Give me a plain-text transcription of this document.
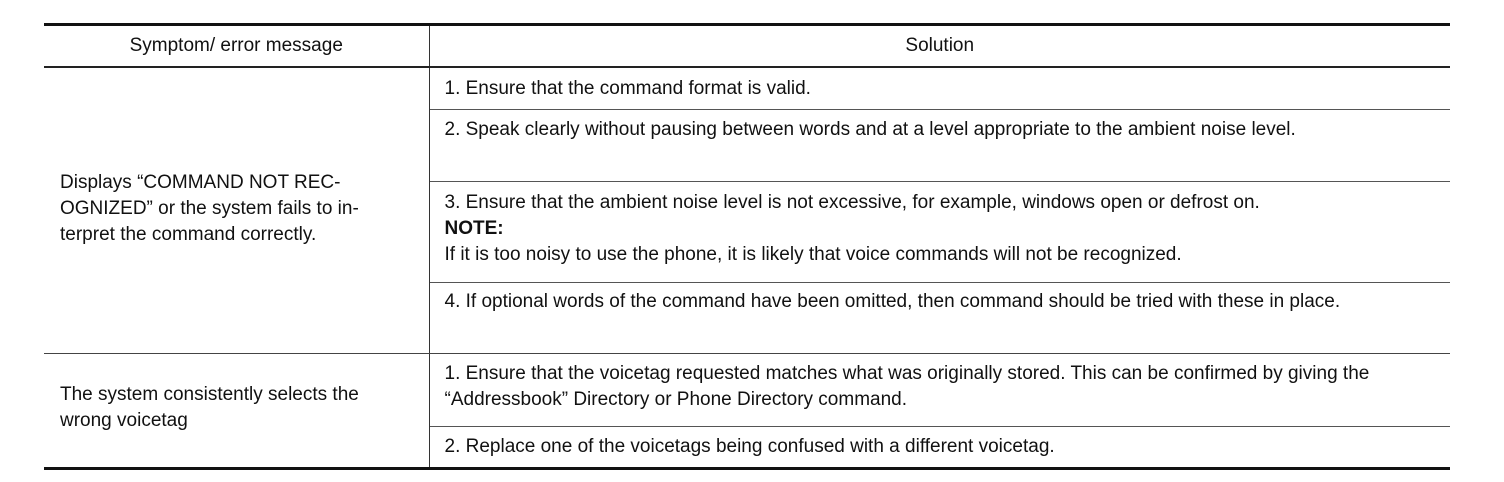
Symptom/ error message	Solution

Displays “COMMAND NOT REC-OGNIZED” or the system fails to in-terpret the command correctly.	1. Ensure that the command format is valid.
	2. Speak clearly without pausing between words and at a level appropriate to the ambient noise level.

	3. Ensure that the ambient noise level is not excessive, for example, windows open or defrost on.
NOTE:
If it is too noisy to use the phone, it is likely that voice commands will not be recognized.

	4. If optional words of the command have been omitted, then command should be tried with these in place.

The system consistently selects the wrong voicetag	1. Ensure that the voicetag requested matches what was originally stored. This can be confirmed by giving the “Addressbook” Directory or Phone Directory command.
	2. Replace one of the voicetags being confused with a different voicetag.
